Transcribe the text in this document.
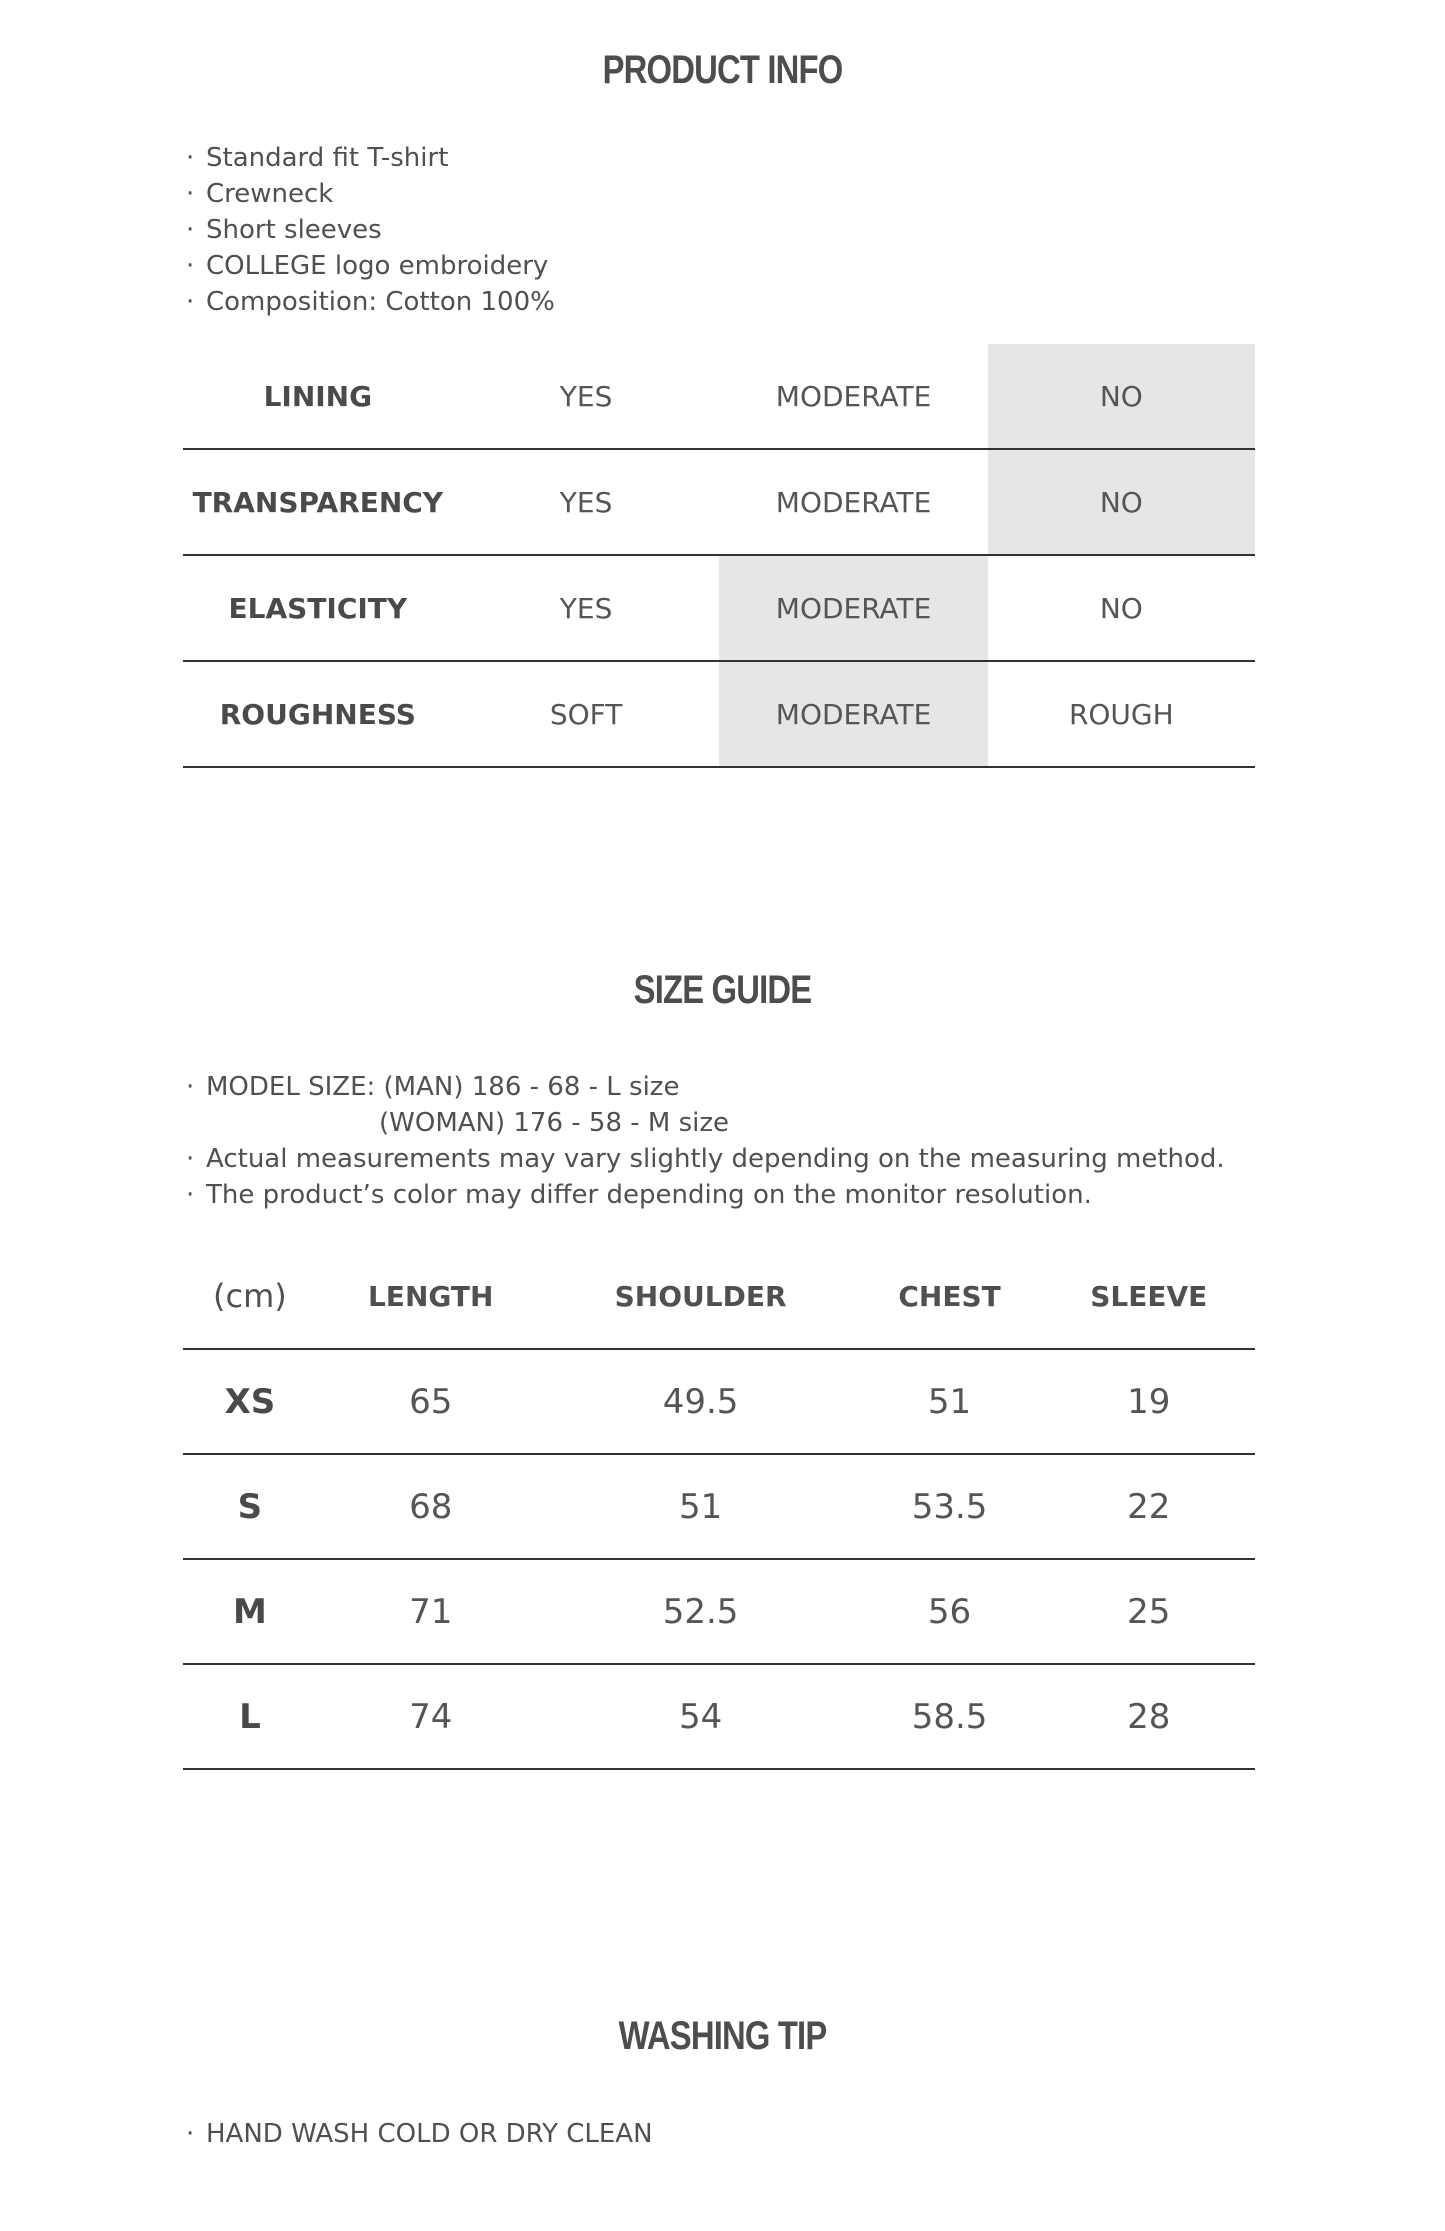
PRODUCT INFO
· Standard fit T-shirt
· Crewneck
· Short sleeves
· COLLEGE logo embroidery
· Composition: Cotton 100%
LINING	YES	MODERATE	NO
TRANSPARENCY	YES	MODERATE	NO
ELASTICITY	YES	MODERATE	NO
ROUGHNESS	SOFT	MODERATE	ROUGH
SIZE GUIDE
· MODEL SIZE: (MAN) 186 - 68 - L size
(WOMAN) 176 - 58 - M size
· Actual measurements may vary slightly depending on the measuring method.
· The product’s color may differ depending on the monitor resolution.
(cm)	LENGTH	SHOULDER	CHEST	SLEEVE
XS	65	49.5	51	19
S	68	51	53.5	22
M	71	52.5	56	25
L	74	54	58.5	28
WASHING TIP
· HAND WASH COLD OR DRY CLEAN
